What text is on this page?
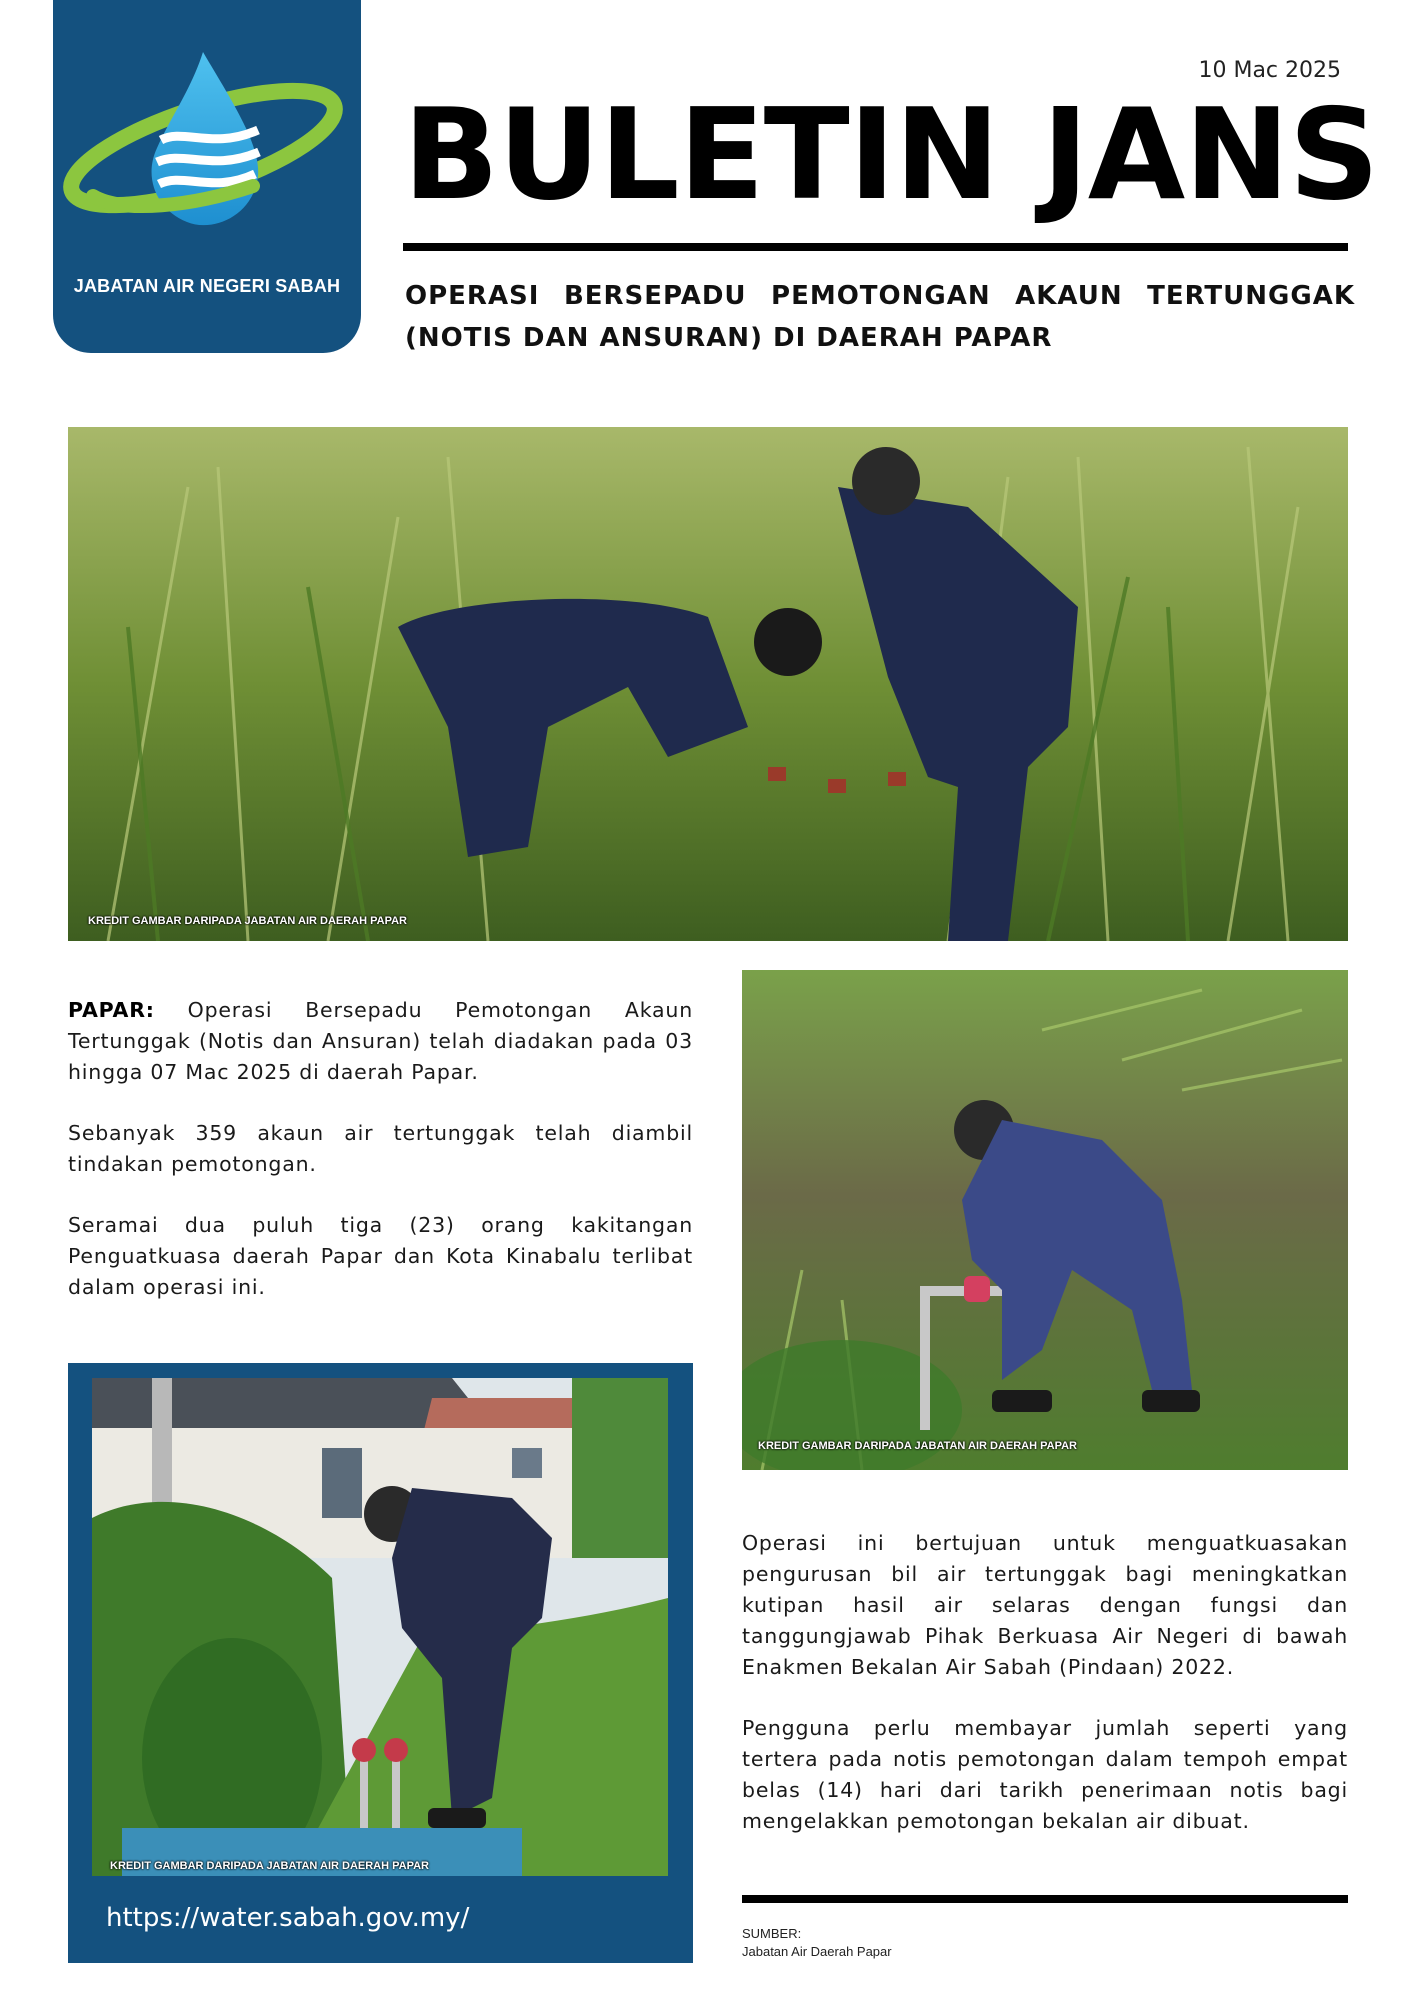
JABATAN AIR NEGERI SABAH
10 Mac 2025
BULETIN JANS
OPERASI BERSEPADU PEMOTONGAN AKAUN TERTUNGGAK (NOTIS DAN ANSURAN) DI DAERAH PAPAR
KREDIT GAMBAR DARIPADA JABATAN AIR DAERAH PAPAR

PAPAR: Operasi Bersepadu Pemotongan Akaun Tertunggak (Notis dan Ansuran) telah diadakan pada 03 hingga 07 Mac 2025 di daerah Papar.

Sebanyak 359 akaun air tertunggak telah diambil tindakan pemotongan.

Seramai dua puluh tiga (23) orang kakitangan Penguatkuasa daerah Papar dan Kota Kinabalu terlibat dalam operasi ini.

KREDIT GAMBAR DARIPADA JABATAN AIR DAERAH PAPAR
KREDIT GAMBAR DARIPADA JABATAN AIR DAERAH PAPAR
https://water.sabah.gov.my/

Operasi ini bertujuan untuk menguatkuasakan pengurusan bil air tertunggak bagi meningkatkan kutipan hasil air selaras dengan fungsi dan tanggungjawab Pihak Berkuasa Air Negeri di bawah Enakmen Bekalan Air Sabah (Pindaan) 2022.

Pengguna perlu membayar jumlah seperti yang tertera pada notis pemotongan dalam tempoh empat belas (14) hari dari tarikh penerimaan notis bagi mengelakkan pemotongan bekalan air dibuat.

SUMBER:
Jabatan Air Daerah Papar
